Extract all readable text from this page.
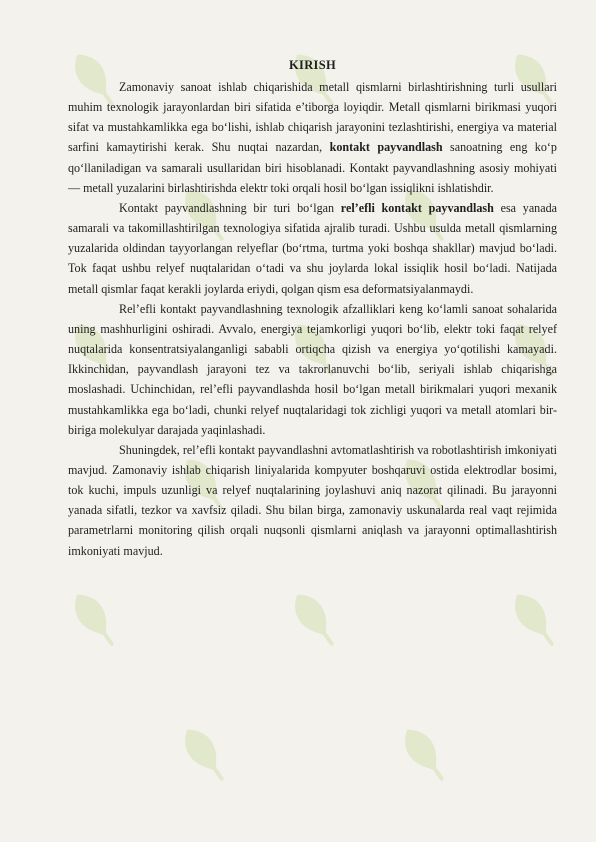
KIRISH

Zamonaviy sanoat ishlab chiqarishida metall qismlarni birlashtirishning turli usullari muhim texnologik jarayonlardan biri sifatida e’tiborga loyiqdir. Metall qismlarni birikmasi yuqori sifat va mustahkamlikka ega bo‘lishi, ishlab chiqarish jarayonini tezlashtirishi, energiya va material sarfini kamaytirishi kerak. Shu nuqtai nazardan, kontakt payvandlash sanoatning eng ko‘p qo‘llaniladigan va samarali usullaridan biri hisoblanadi. Kontakt payvandlashning asosiy mohiyati — metall yuzalarini birlashtirishda elektr toki orqali hosil bo‘lgan issiqlikni ishlatishdir.

Kontakt payvandlashning bir turi bo‘lgan rel’efli kontakt payvandlash esa yanada samarali va takomillashtirilgan texnologiya sifatida ajralib turadi. Ushbu usulda metall qismlarning yuzalarida oldindan tayyorlangan relyeflar (bo‘rtma, turtma yoki boshqa shakllar) mavjud bo‘ladi. Tok faqat ushbu relyef nuqtalaridan o‘tadi va shu joylarda lokal issiqlik hosil bo‘ladi. Natijada metall qismlar faqat kerakli joylarda eriydi, qolgan qism esa deformatsiyalanmaydi.

Rel’efli kontakt payvandlashning texnologik afzalliklari keng ko‘lamli sanoat sohalarida uning mashhurligini oshiradi. Avvalo, energiya tejamkorligi yuqori bo‘lib, elektr toki faqat relyef nuqtalarida konsentratsiyalanganligi sababli ortiqcha qizish va energiya yo‘qotilishi kamayadi. Ikkinchidan, payvandlash jarayoni tez va takrorlanuvchi bo‘lib, seriyali ishlab chiqarishga moslashadi. Uchinchidan, rel’efli payvandlashda hosil bo‘lgan metall birikmalari yuqori mexanik mustahkamlikka ega bo‘ladi, chunki relyef nuqtalaridagi tok zichligi yuqori va metall atomlari bir-biriga molekulyar darajada yaqinlashadi.

Shuningdek, rel’efli kontakt payvandlashni avtomatlashtirish va robotlashtirish imkoniyati mavjud. Zamonaviy ishlab chiqarish liniyalarida kompyuter boshqaruvi ostida elektrodlar bosimi, tok kuchi, impuls uzunligi va relyef nuqtalarining joylashuvi aniq nazorat qilinadi. Bu jarayonni yanada sifatli, tezkor va xavfsiz qiladi. Shu bilan birga, zamonaviy uskunalarda real vaqt rejimida parametrlarni monitoring qilish orqali nuqsonli qismlarni aniqlash va jarayonni optimallashtirish imkoniyati mavjud.
